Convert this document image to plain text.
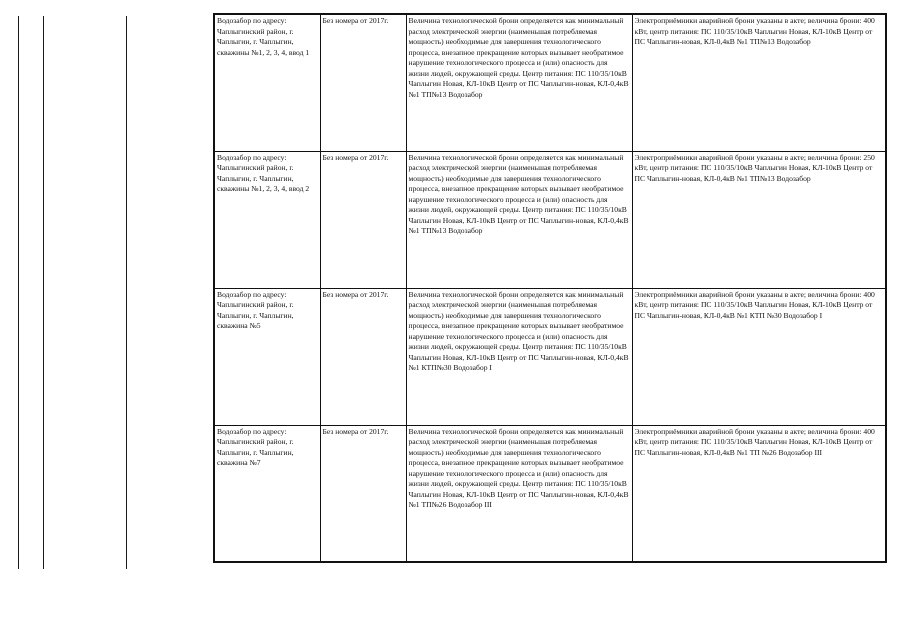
Водозабор по адресу: Чаплыгинский район, г. Чаплыгин, г. Чаплыгин, скважины №1, 2, 3, 4, ввод 1	Без номера от 2017г.	Величина технологической брони определяется как минимальный расход электрической энергии (наименьшая потребляемая мощность) необходимые для завершения технологического процесса, внезапное прекращение которых вызывает необратимое нарушение технологического процесса и (или) опасность для жизни людей, окружающей среды. Центр питания: ПС 110/35/10кВ Чаплыгин Новая, КЛ-10кВ Центр от ПС Чаплыгин-новая, КЛ-0,4кВ №1 ТП№13 Водозабор	Электроприёмники аварийной брони указаны в акте; величина брони: 400 кВт, центр питания: ПС 110/35/10кВ Чаплыгин Новая, КЛ-10кВ Центр от ПС Чаплыгин-новая, КЛ-0,4кВ №1 ТП№13 Водозабор
Водозабор по адресу: Чаплыгинский район, г. Чаплыгин, г. Чаплыгин, скважины №1, 2, 3, 4, ввод 2	Без номера от 2017г.	Величина технологической брони определяется как минимальный расход электрической энергии (наименьшая потребляемая мощность) необходимые для завершения технологического процесса, внезапное прекращение которых вызывает необратимое нарушение технологического процесса и (или) опасность для жизни людей, окружающей среды. Центр питания: ПС 110/35/10кВ Чаплыгин Новая, КЛ-10кВ Центр от ПС Чаплыгин-новая, КЛ-0,4кВ №1 ТП№13 Водозабор	Электроприёмники аварийной брони указаны в акте; величина брони: 250 кВт, центр питания: ПС 110/35/10кВ Чаплыгин Новая, КЛ-10кВ Центр от ПС Чаплыгин-новая, КЛ-0,4кВ №1 ТП№13 Водозабор
Водозабор по адресу: Чаплыгинский район, г. Чаплыгин, г. Чаплыгин, скважина №5	Без номера от 2017г.	Величина технологической брони определяется как минимальный расход электрической энергии (наименьшая потребляемая мощность) необходимые для завершения технологического процесса, внезапное прекращение которых вызывает необратимое нарушение технологического процесса и (или) опасность для жизни людей, окружающей среды. Центр питания: ПС 110/35/10кВ Чаплыгин Новая, КЛ-10кВ Центр от ПС Чаплыгин-новая, КЛ-0,4кВ №1 КТП№30 Водозабор I	Электроприёмники аварийной брони указаны в акте; величина брони: 400 кВт, центр питания: ПС 110/35/10кВ Чаплыгин Новая, КЛ-10кВ Центр от ПС Чаплыгин-новая, КЛ-0,4кВ №1 КТП №30 Водозабор I
Водозабор по адресу: Чаплыгинский район, г. Чаплыгин, г. Чаплыгин, скважина №7	Без номера от 2017г.	Величина технологической брони определяется как минимальный расход электрической энергии (наименьшая потребляемая мощность) необходимые для завершения технологического процесса, внезапное прекращение которых вызывает необратимое нарушение технологического процесса и (или) опасность для жизни людей, окружающей среды. Центр питания: ПС 110/35/10кВ Чаплыгин Новая, КЛ-10кВ Центр от ПС Чаплыгин-новая, КЛ-0,4кВ №1 ТП№26 Водозабор III	Электроприёмники аварийной брони указаны в акте; величина брони: 400 кВт, центр питания: ПС 110/35/10кВ Чаплыгин Новая, КЛ-10кВ Центр от ПС Чаплыгин-новая, КЛ-0,4кВ №1 ТП №26 Водозабор III
